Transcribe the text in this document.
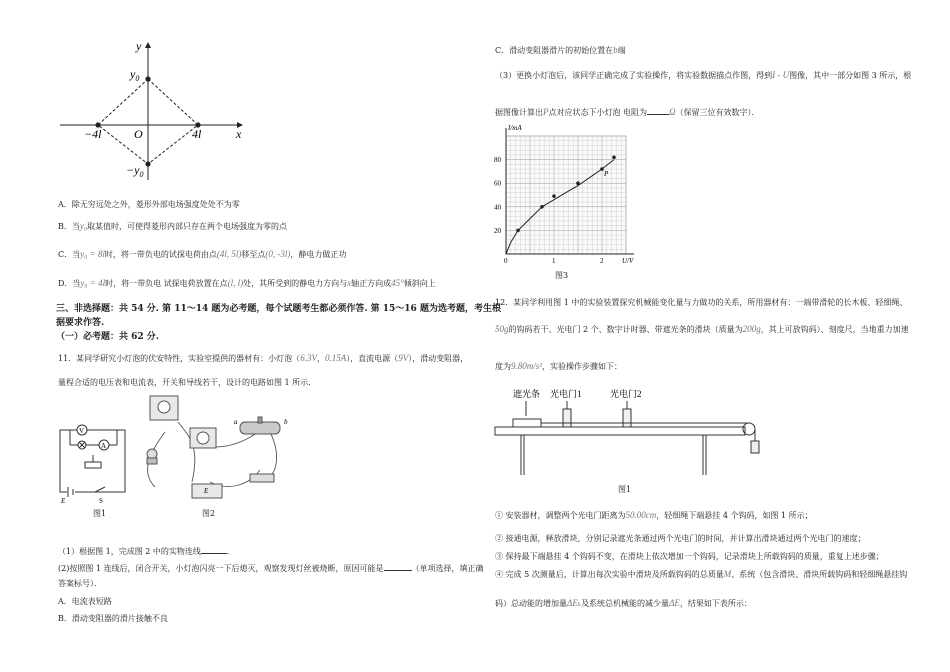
y
x
$y_0$
$-y_0$
−4l	4l
O
A．除无穷远处之外，菱形外部电场强度处处不为零
B．当y₀取某值时，可使得菱形内部只存在两个电场强度为零的点
C．当y₀ = 8l时，将一带负电的试探电荷由点(4l, 5l)移至点(0, -3l)，静电力做正功
D．当y₀ = 4l时，将一带负电 试探电荷放置在点(l, l)处，其所受到的静电力方向与x轴正方向成45°倾斜向上
三、非选择题：共 54 分. 第 11～14 题为必考题，每个试题考生都必须作答. 第 15～16 题为选考题，考生根
据要求作答.
（一）必考题：共 62 分.
11．某同学研究小灯泡的伏安特性，实验室提供的器材有：小灯泡（6.3V，0.15A），直流电源（9V），滑动变阻器，
量程合适的电压表和电流表，开关和导线若干，设计的电路如图 1 所示．
V
A
E	S
图1
a	b
E
图2
（1）根据图 1，完成图 2 中的实物连线	．
(2)按照图 1 连线后，闭合开关，小灯泡闪亮一下后熄灭，观察发现灯丝被烧断，原因可能是	（单项选择，填正确
答案标号）．
A．电流表短路
B．滑动变阻器的滑片接触不良
C．滑动变阻器滑片的初始位置在b端
（3）更换小灯泡后，该同学正确完成了实验操作，将实验数据描点作图，得到I - U图像，其中一部分如图 3 所示，根
据图像计算出P点对应状态下小灯泡 电阻为 Ω（保留三位有效数字）．
0	1	2
20
40
60
80
I/mA
U/V
P
图3
12．某同学利用图 1 中的实验装置探究机械能变化量与力做功的关系，所用器材有：一端带滑轮的长木板、轻细绳、
50g的钩码若干、光电门 2 个、数字计时器、带遮光条的滑块（质量为200g，其上可放钩码）、刻度尺，当地重力加速
度为9.80m/s²，实验操作步骤如下：
遮光条 光电门1	光电门2
图1
① 安装器材，调整两个光电门距离为50.00cm，轻细绳下端悬挂 4 个钩码，如图 1 所示；
② 接通电源，释放滑块，分别记录遮光条通过两个光电门的时间，并计算出滑块通过两个光电门的速度；
③ 保持最下端悬挂 4 个钩码不变，在滑块上依次增加一个钩码，记录滑块上所载钩码的质量，重复上述步骤；
④ 完成 5 次测量后，计算出每次实验中滑块及所载钩码的总质量M、系统（包含滑块、滑块所载钩码和轻细绳悬挂钩
码）总动能的增加量ΔEₖ及系统总机械能的减少量ΔE，结果如下表所示：
